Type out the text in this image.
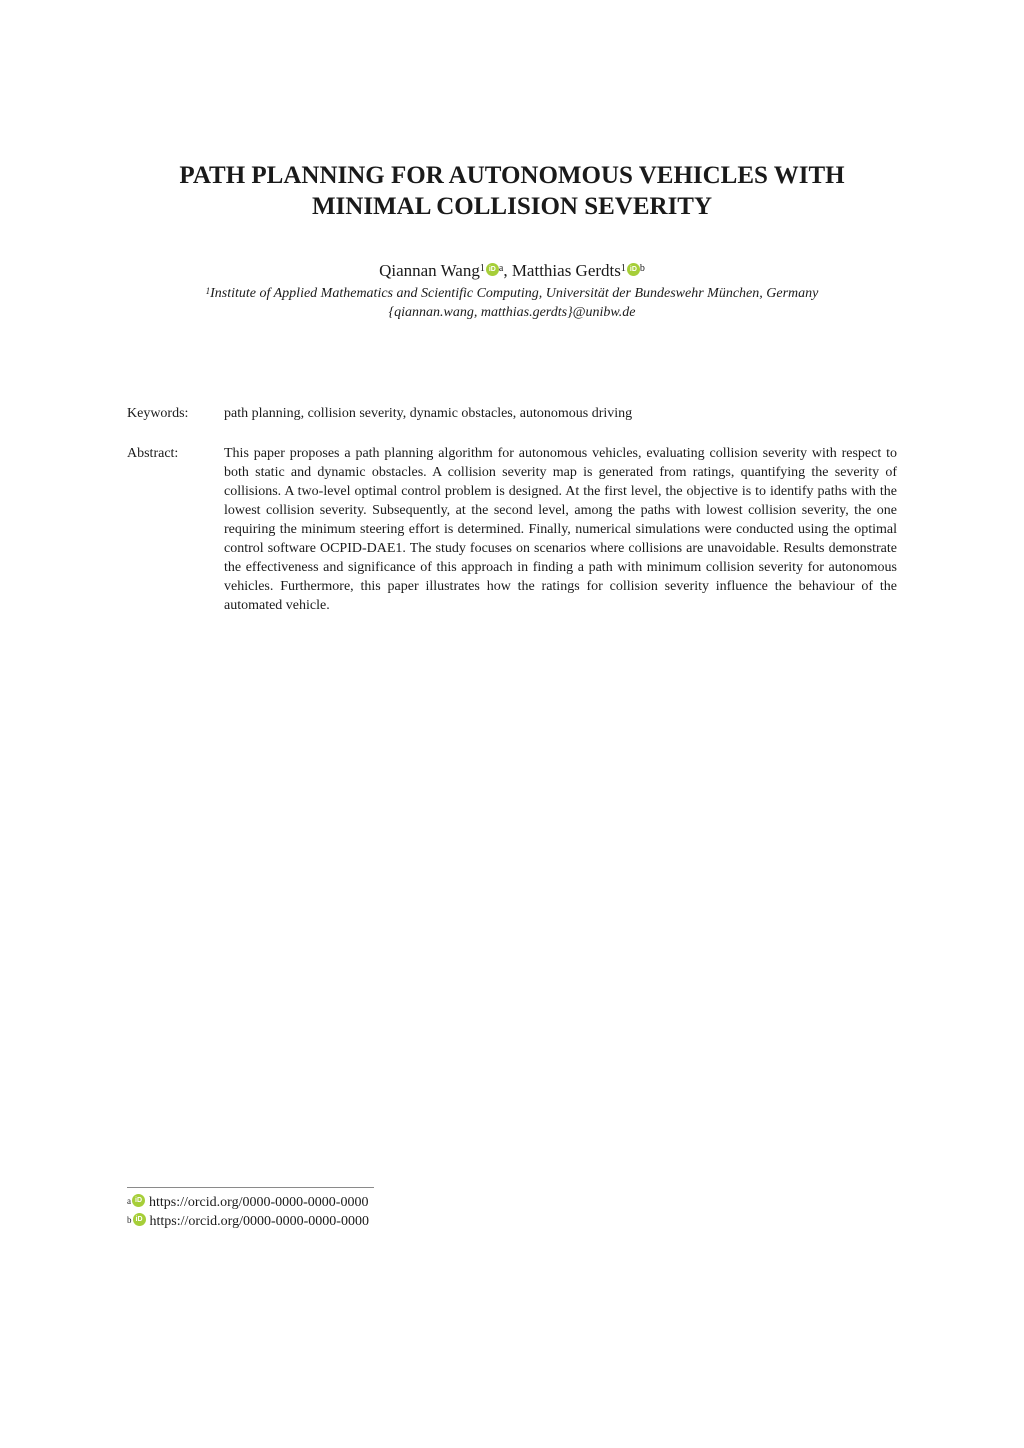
PATH PLANNING FOR AUTONOMOUS VEHICLES WITH MINIMAL COLLISION SEVERITY
Qiannan Wang$^1$ iD $^a$, Matthias Gerdts$^1$ iD $^b$
$^1$Institute of Applied Mathematics and Scientific Computing, Universität der Bundeswehr München, Germany
{qiannan.wang, matthias.gerdts}@unibw.de
Keywords:	path planning, collision severity, dynamic obstacles, autonomous driving
Abstract:	This paper proposes a path planning algorithm for autonomous vehicles, evaluating collision severity with respect to both static and dynamic obstacles. A collision severity map is generated from ratings, quantifying the severity of collisions. A two-level optimal control problem is designed. At the first level, the objective is to identify paths with the lowest collision severity. Subsequently, at the second level, among the paths with lowest collision severity, the one requiring the minimum steering effort is determined. Finally, numerical simulations were conducted using the optimal control software OCPID-DAE1. The study focuses on scenarios where collisions are unavoidable. Results demonstrate the effectiveness and significance of this approach in finding a path with minimum collision severity for autonomous vehicles. Furthermore, this paper illustrates how the ratings for collision severity influence the behaviour of the automated vehicle.
$^a$ iD https://orcid.org/0000-0000-0000-0000
$^b$ iD https://orcid.org/0000-0000-0000-0000
